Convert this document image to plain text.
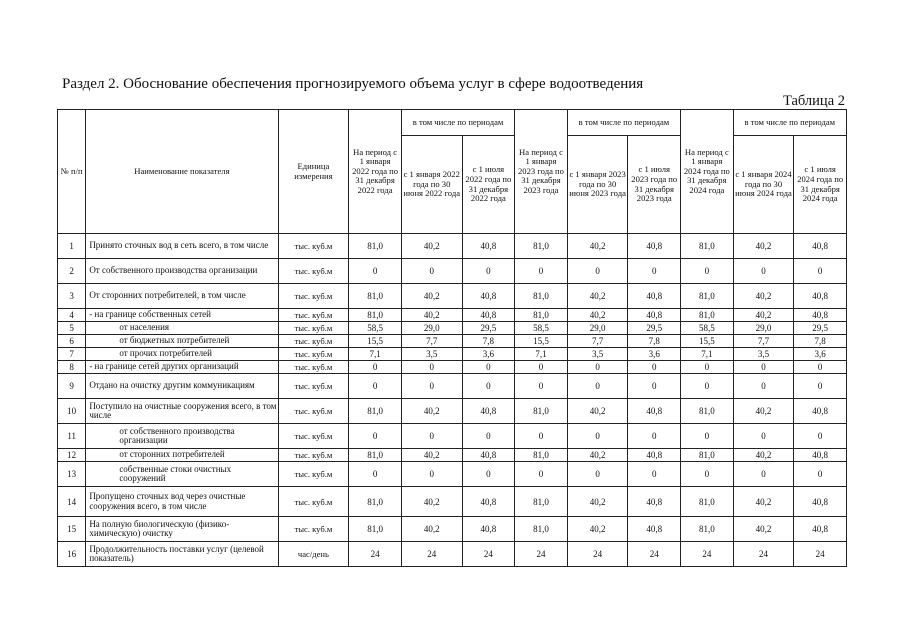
Раздел 2. Обоснование обеспечения прогнозируемого объема услуг в сфере водоотведения
Таблица 2
№ п/п	Наименование показателя	Единица измерения	На период с 1 января 2022 года по 31 декабря 2022 года	в том числе по периодам		На период с 1 января 2023 года по 31 декабря 2023 года	в том числе по периодам		На период с 1 января 2024 года по 31 декабря 2024 года	в том числе по периодам	
				с 1 января 2022 года по 30 июня 2022 года	с 1 июля 2022 года по 31 декабря 2022 года		с 1 января 2023 года по 30 июня 2023 года	с 1 июля 2023 года по 31 декабря 2023 года		с 1 января 2024 года по 30 июня 2024 года	с 1 июля 2024 года по 31 декабря 2024 года
1	Принято сточных вод в сеть всего, в том числе	тыс. куб.м	81,0	40,2	40,8	81,0	40,2	40,8	81,0	40,2	40,8
2	От собственного производства организации	тыс. куб.м	0	0	0	0	0	0	0	0	0
3	От сторонних потребителей, в том числе	тыс. куб.м	81,0	40,2	40,8	81,0	40,2	40,8	81,0	40,2	40,8
4	- на границе собственных сетей	тыс. куб.м	81,0	40,2	40,8	81,0	40,2	40,8	81,0	40,2	40,8
5	от населения	тыс. куб.м	58,5	29,0	29,5	58,5	29,0	29,5	58,5	29,0	29,5
6	от бюджетных потребителей	тыс. куб.м	15,5	7,7	7,8	15,5	7,7	7,8	15,5	7,7	7,8
7	от прочих потребителей	тыс. куб.м	7,1	3,5	3,6	7,1	3,5	3,6	7,1	3,5	3,6
8	- на границе сетей других организаций	тыс. куб.м	0	0	0	0	0	0	0	0	0
9	Отдано на очистку другим коммуникациям	тыс. куб.м	0	0	0	0	0	0	0	0	0
10	Поступило на очистные сооружения всего, в том числе	тыс. куб.м	81,0	40,2	40,8	81,0	40,2	40,8	81,0	40,2	40,8
11	от собственного производства организации	тыс. куб.м	0	0	0	0	0	0	0	0	0
12	от сторонних потребителей	тыс. куб.м	81,0	40,2	40,8	81,0	40,2	40,8	81,0	40,2	40,8
13	собственные стоки очистных сооружений	тыс. куб.м	0	0	0	0	0	0	0	0	0
14	Пропущено сточных вод через очистные сооружения всего, в том числе	тыс. куб.м	81,0	40,2	40,8	81,0	40,2	40,8	81,0	40,2	40,8
15	На полную биологическую (физико-химическую) очистку	тыс. куб.м	81,0	40,2	40,8	81,0	40,2	40,8	81,0	40,2	40,8
16	Продолжительность поставки услуг (целевой показатель)	час/день	24	24	24	24	24	24	24	24	24
